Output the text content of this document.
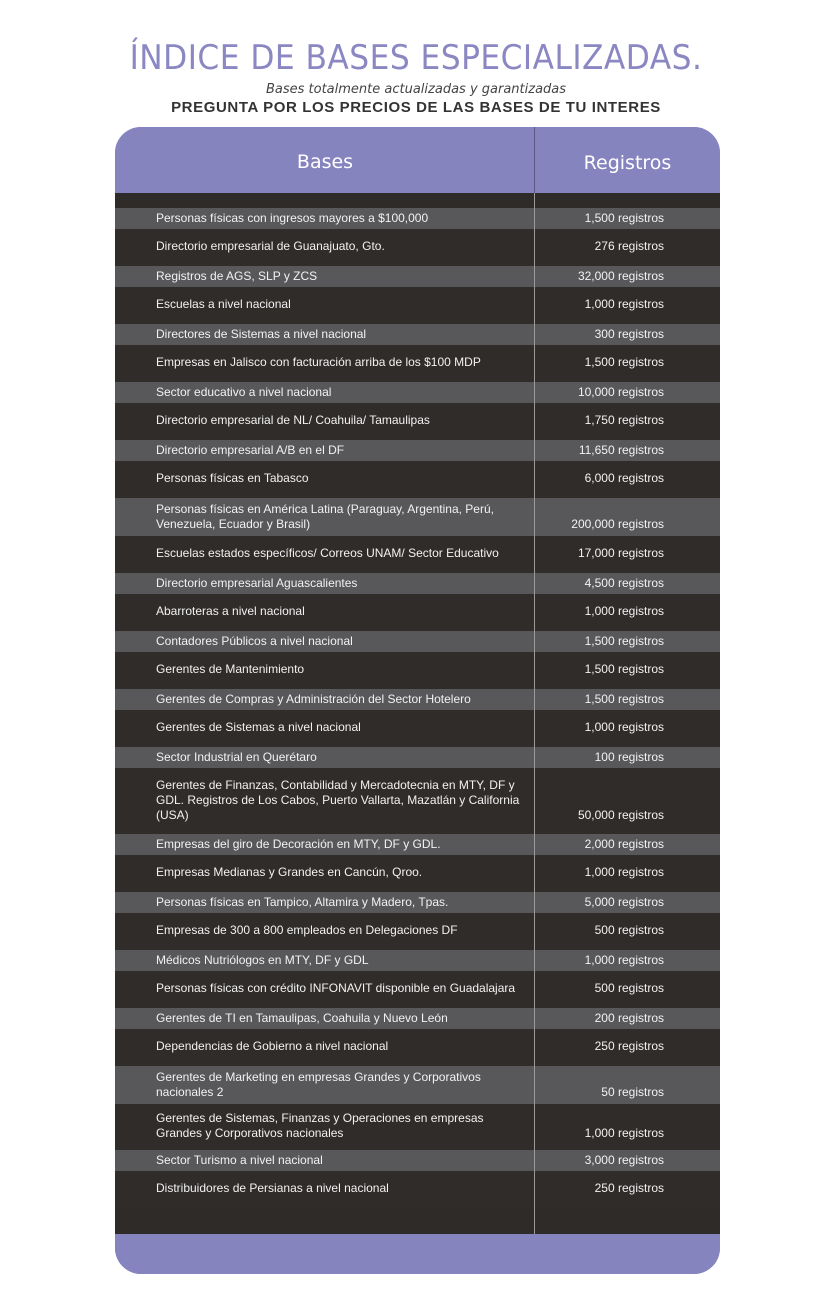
ÍNDICE DE BASES ESPECIALIZADAS.
Bases totalmente actualizadas y garantizadas
PREGUNTA POR LOS PRECIOS DE LAS BASES DE TU INTERES
Bases	Registros
Personas físicas con ingresos mayores a $100,000	1,500 registros
Directorio empresarial de Guanajuato, Gto.	276 registros
Registros de AGS, SLP y ZCS	32,000 registros
Escuelas a nivel nacional	1,000 registros
Directores de Sistemas a nivel nacional	300 registros
Empresas en Jalisco con facturación arriba de los $100 MDP	1,500 registros
Sector educativo a nivel nacional	10,000 registros
Directorio empresarial de NL/ Coahuila/ Tamaulipas	1,750 registros
Directorio empresarial A/B en el DF	11,650 registros
Personas físicas en Tabasco	6,000 registros
Personas físicas en América Latina (Paraguay, Argentina, Perú, Venezuela, Ecuador y Brasil)	200,000 registros
Escuelas estados específicos/ Correos UNAM/ Sector Educativo	17,000 registros
Directorio empresarial Aguascalientes	4,500 registros
Abarroteras a nivel nacional	1,000 registros
Contadores Públicos a nivel nacional	1,500 registros
Gerentes de Mantenimiento	1,500 registros
Gerentes de Compras y Administración del Sector Hotelero	1,500 registros
Gerentes de Sistemas a nivel nacional	1,000 registros
Sector Industrial en Querétaro	100 registros
Gerentes de Finanzas, Contabilidad y Mercadotecnia en MTY, DF y GDL. Registros de Los Cabos, Puerto Vallarta, Mazatlán y California (USA)	50,000 registros
Empresas del giro de Decoración en MTY, DF y GDL.	2,000 registros
Empresas Medianas y Grandes en Cancún, Qroo.	1,000 registros
Personas físicas en Tampico, Altamira y Madero, Tpas.	5,000 registros
Empresas de 300 a 800 empleados en Delegaciones DF	500 registros
Médicos Nutriólogos en MTY, DF y GDL	1,000 registros
Personas físicas con crédito INFONAVIT disponible en Guadalajara	500 registros
Gerentes de TI en Tamaulipas, Coahuila y Nuevo León	200 registros
Dependencias de Gobierno a nivel nacional	250 registros
Gerentes de Marketing en empresas Grandes y Corporativos nacionales 2	50 registros
Gerentes de Sistemas, Finanzas y Operaciones en empresas Grandes y Corporativos nacionales	1,000 registros
Sector Turismo a nivel nacional	3,000 registros
Distribuidores de Persianas a nivel nacional	250 registros
